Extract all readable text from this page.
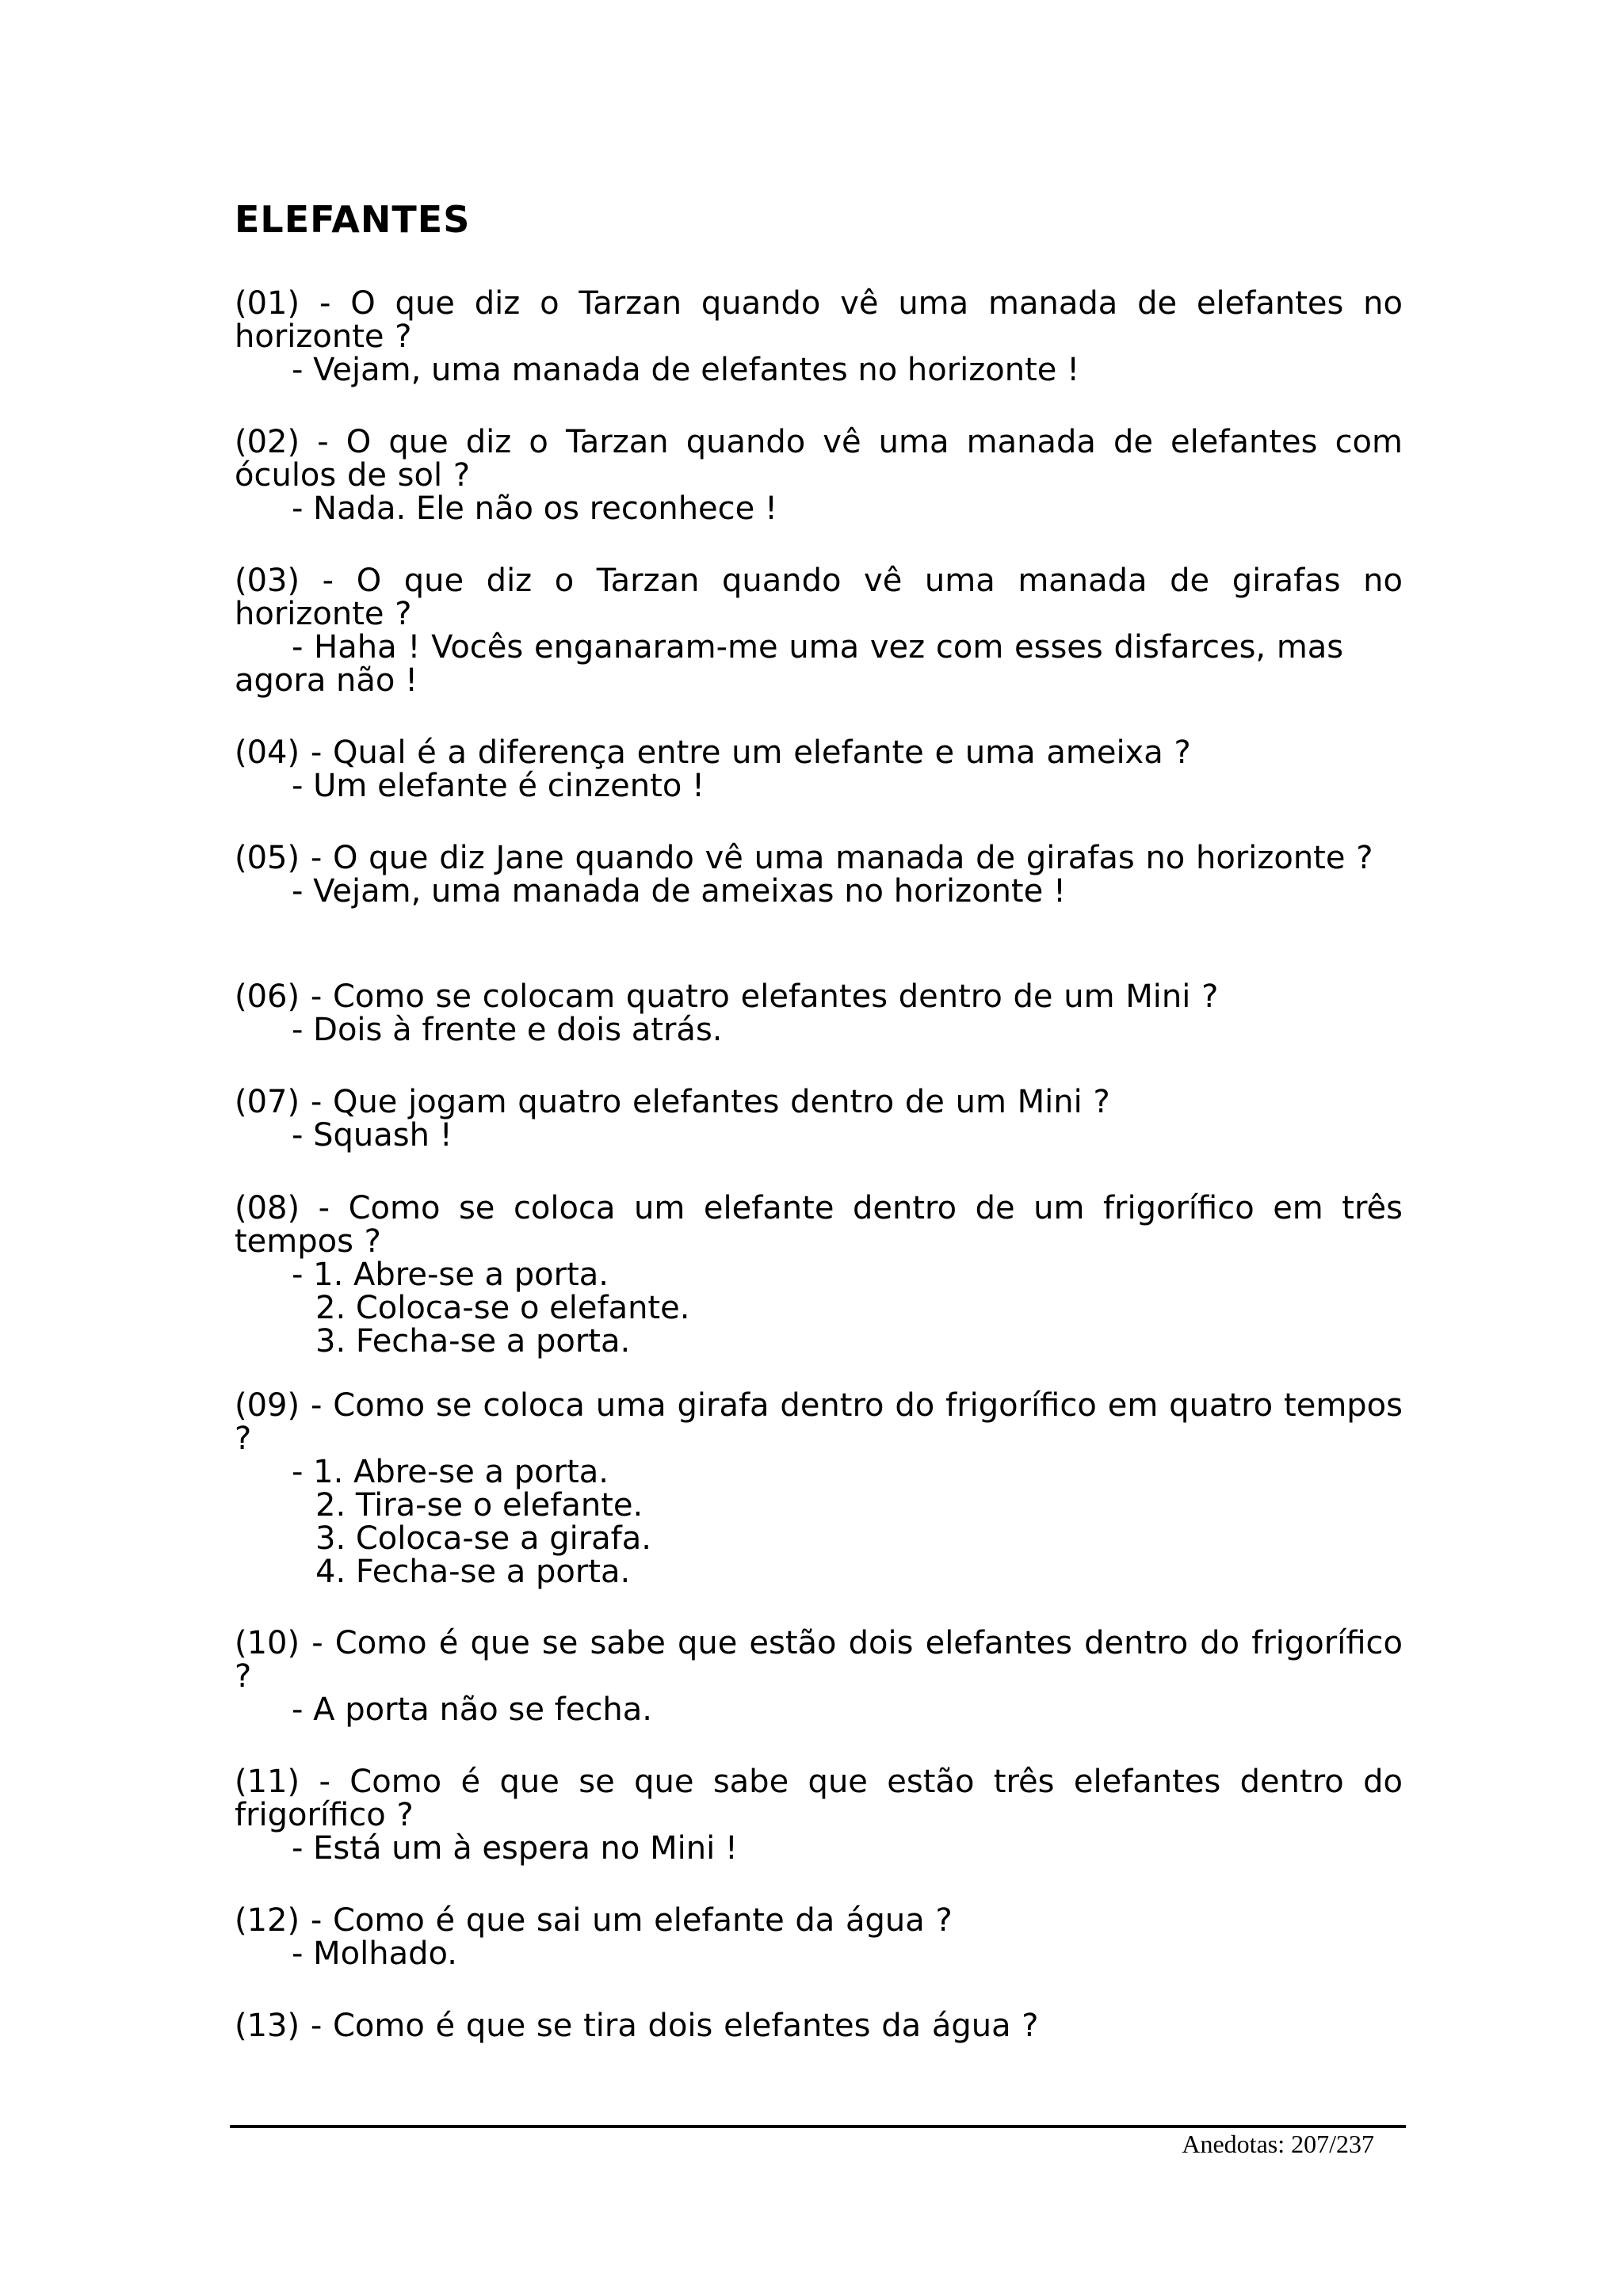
ELEFANTES
(01) - O que diz o Tarzan quando vê uma manada de elefantes no horizonte ?
- Vejam, uma manada de elefantes no horizonte !
(02) - O que diz o Tarzan quando vê uma manada de elefantes com óculos de sol ?
- Nada. Ele não os reconhece !
(03) - O que diz o Tarzan quando vê uma manada de girafas no horizonte ?
- Haha ! Vocês enganaram-me uma vez com esses disfarces, mas
agora não !
(04) - Qual é a diferença entre um elefante e uma ameixa ?
- Um elefante é cinzento !
(05) - O que diz Jane quando vê uma manada de girafas no horizonte ?
- Vejam, uma manada de ameixas no horizonte !
(06) - Como se colocam quatro elefantes dentro de um Mini ?
- Dois à frente e dois atrás.
(07) - Que jogam quatro elefantes dentro de um Mini ?
- Squash !
(08) - Como se coloca um elefante dentro de um frigorífico em três tempos ?
- 1. Abre-se a porta.
2. Coloca-se o elefante.
3. Fecha-se a porta.
(09) - Como se coloca uma girafa dentro do frigorífico em quatro tempos ?
- 1. Abre-se a porta.
2. Tira-se o elefante.
3. Coloca-se a girafa.
4. Fecha-se a porta.
(10) - Como é que se sabe que estão dois elefantes dentro do frigorífico ?
- A porta não se fecha.
(11) - Como é que se que sabe que estão três elefantes dentro do frigorífico ?
- Está um à espera no Mini !
(12) - Como é que sai um elefante da água ?
- Molhado.
(13) - Como é que se tira dois elefantes da água ?
Anedotas: 207/237
